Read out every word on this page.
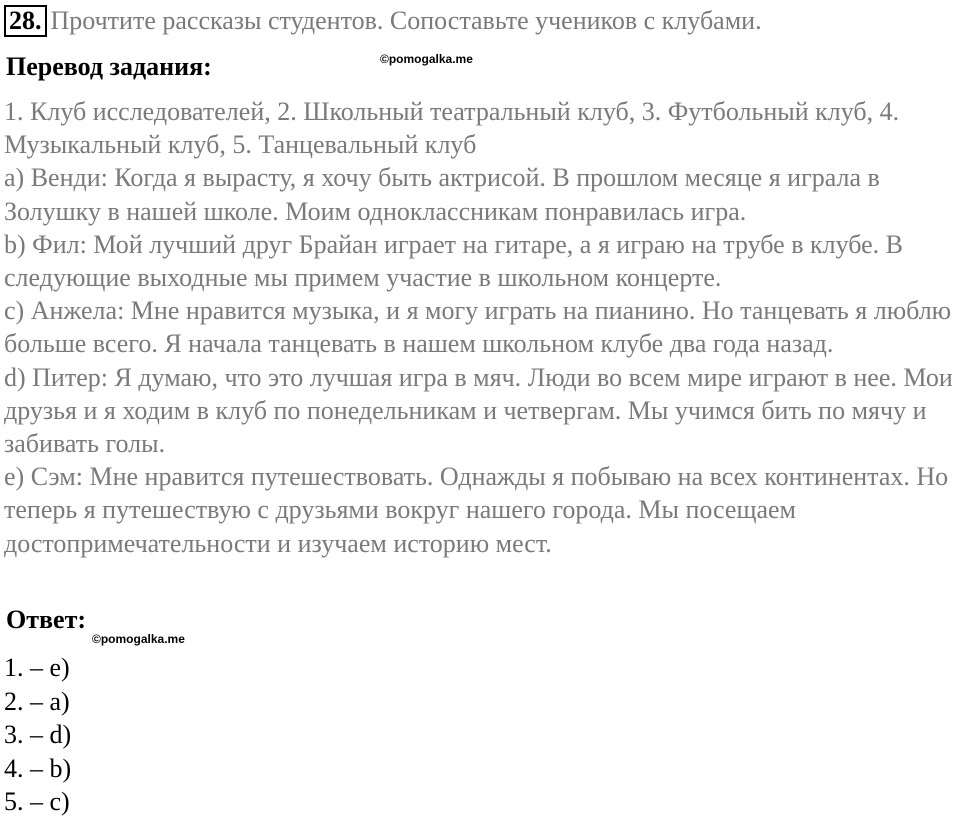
28. Прочтите рассказы студентов. Сопоставьте учеников с клубами.
Перевод задания:	©pomogalka.me

1. Клуб исследователей, 2. Школьный театральный клуб, 3. Футбольный клуб, 4. Музыкальный клуб, 5. Танцевальный клуб

а) Венди: Когда я вырасту, я хочу быть актрисой. В прошлом месяце я играла в Золушку в нашей школе. Моим одноклассникам понравилась игра.

b) Фил: Мой лучший друг Брайан играет на гитаре, а я играю на трубе в клубе. В следующие выходные мы примем участие в школьном концерте.

с) Анжела: Мне нравится музыка, и я могу играть на пианино. Но танцевать я люблю больше всего. Я начала танцевать в нашем школьном клубе два года назад.

d) Питер: Я думаю, что это лучшая игра в мяч. Люди во всем мире играют в нее. Мои друзья и я ходим в клуб по понедельникам и четвергам. Мы учимся бить по мячу и забивать голы.

e) Сэм: Мне нравится путешествовать. Однажды я побываю на всех континентах. Но теперь я путешествую с друзьями вокруг нашего города. Мы посещаем достопримечательности и изучаем историю мест.

Ответ:
©pomogalka.me

1. – e)

2. – a)

3. – d)

4. – b)

5. – c)
